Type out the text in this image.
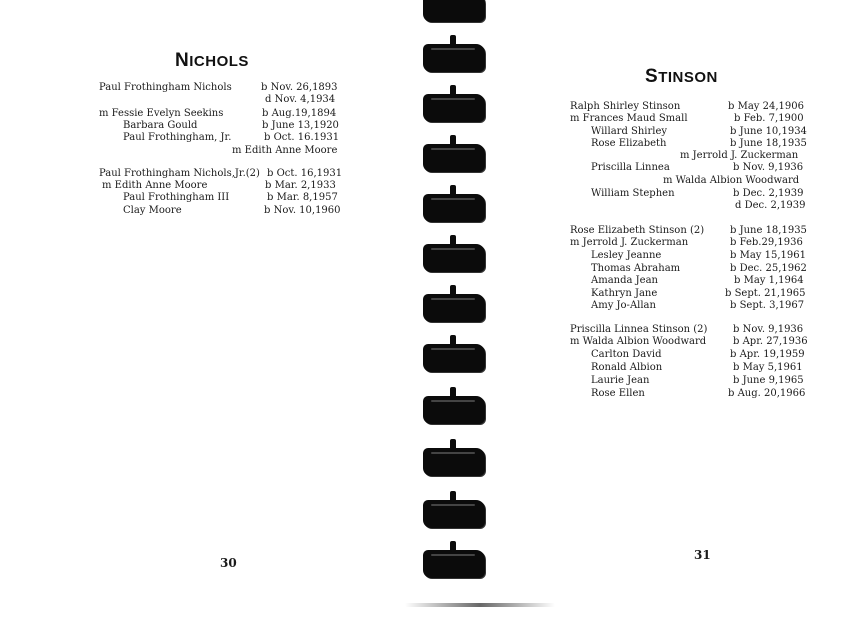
NICHOLS
Paul Frothingham Nichols	b Nov. 26,1893
d Nov. 4,1934
m Fessie Evelyn Seekins	b Aug.19,1894
Barbara Gould	b June 13,1920
Paul Frothingham, Jr.	b Oct. 16.1931
m Edith Anne Moore
Paul Frothingham Nichols,Jr.(2) b Oct. 16,1931
m Edith Anne Moore	b Mar. 2,1933
Paul Frothingham III	b Mar. 8,1957
Clay Moore	b Nov. 10,1960
30
STINSON
Ralph Shirley Stinson	b May 24,1906
m Frances Maud Small	b Feb. 7,1900
Willard Shirley	b June 10,1934
Rose Elizabeth	b June 18,1935
m Jerrold J. Zuckerman
Priscilla Linnea	b Nov. 9,1936
m Walda Albion Woodward
William Stephen	b Dec. 2,1939
d Dec. 2,1939
Rose Elizabeth Stinson (2)	b June 18,1935
m Jerrold J. Zuckerman	b Feb.29,1936
Lesley Jeanne	b May 15,1961
Thomas Abraham	b Dec. 25,1962
Amanda Jean	b May 1,1964
Kathryn Jane	b Sept. 21,1965
Amy Jo-Allan	b Sept. 3,1967
Priscilla Linnea Stinson (2)	b Nov. 9,1936
m Walda Albion Woodward	b Apr. 27,1936
Carlton David	b Apr. 19,1959
Ronald Albion	b May 5,1961
Laurie Jean	b June 9,1965
Rose Ellen	b Aug. 20,1966
31
